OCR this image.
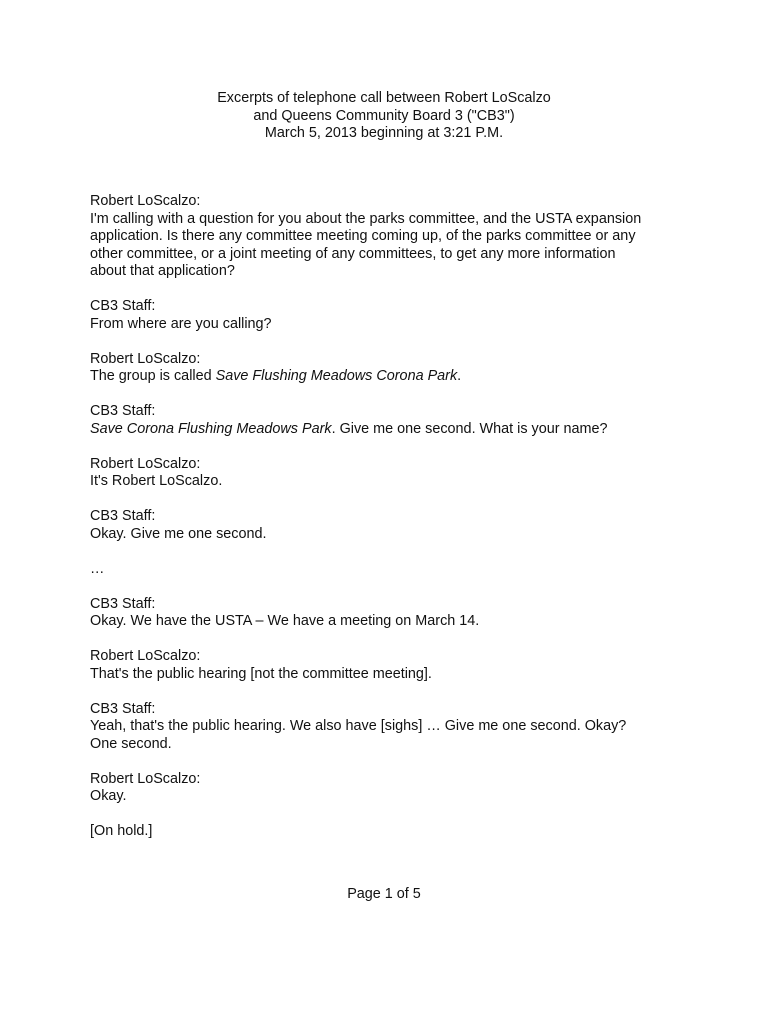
Excerpts of telephone call between Robert LoScalzo
and Queens Community Board 3 ("CB3")
March 5, 2013 beginning at 3:21 P.M.
Robert LoScalzo:
I'm calling with a question for you about the parks committee, and the USTA expansion
application. Is there any committee meeting coming up, of the parks committee or any
other committee, or a joint meeting of any committees, to get any more information
about that application?
CB3 Staff:
From where are you calling?
Robert LoScalzo:
The group is called Save Flushing Meadows Corona Park.
CB3 Staff:
Save Corona Flushing Meadows Park. Give me one second. What is your name?
Robert LoScalzo:
It's Robert LoScalzo.
CB3 Staff:
Okay. Give me one second.
…
CB3 Staff:
Okay. We have the USTA – We have a meeting on March 14.
Robert LoScalzo:
That's the public hearing [not the committee meeting].
CB3 Staff:
Yeah, that's the public hearing. We also have [sighs] … Give me one second. Okay?
One second.
Robert LoScalzo:
Okay.
[On hold.]
Page 1 of 5
